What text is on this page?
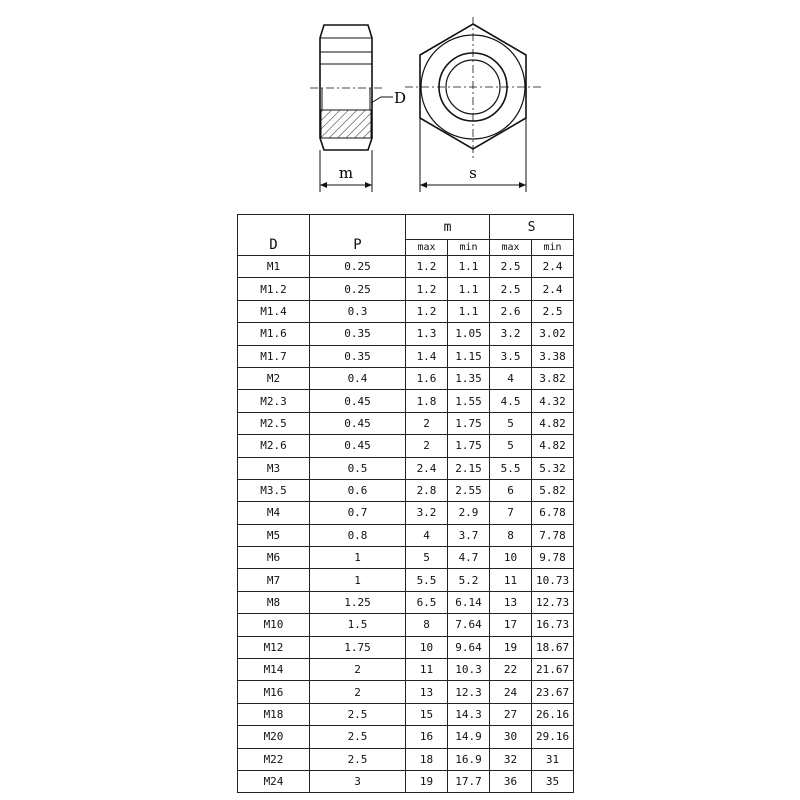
D
m	s
D	P	m		S	
		max	min	max	min
M1	0.25	1.2	1.1	2.5	2.4
M1.2	0.25	1.2	1.1	2.5	2.4
M1.4	0.3	1.2	1.1	2.6	2.5
M1.6	0.35	1.3	1.05	3.2	3.02
M1.7	0.35	1.4	1.15	3.5	3.38
M2	0.4	1.6	1.35	4	3.82
M2.3	0.45	1.8	1.55	4.5	4.32
M2.5	0.45	2	1.75	5	4.82
M2.6	0.45	2	1.75	5	4.82
M3	0.5	2.4	2.15	5.5	5.32
M3.5	0.6	2.8	2.55	6	5.82
M4	0.7	3.2	2.9	7	6.78
M5	0.8	4	3.7	8	7.78
M6	1	5	4.7	10	9.78
M7	1	5.5	5.2	11	10.73
M8	1.25	6.5	6.14	13	12.73
M10	1.5	8	7.64	17	16.73
M12	1.75	10	9.64	19	18.67
M14	2	11	10.3	22	21.67
M16	2	13	12.3	24	23.67
M18	2.5	15	14.3	27	26.16
M20	2.5	16	14.9	30	29.16
M22	2.5	18	16.9	32	31
M24	3	19	17.7	36	35
